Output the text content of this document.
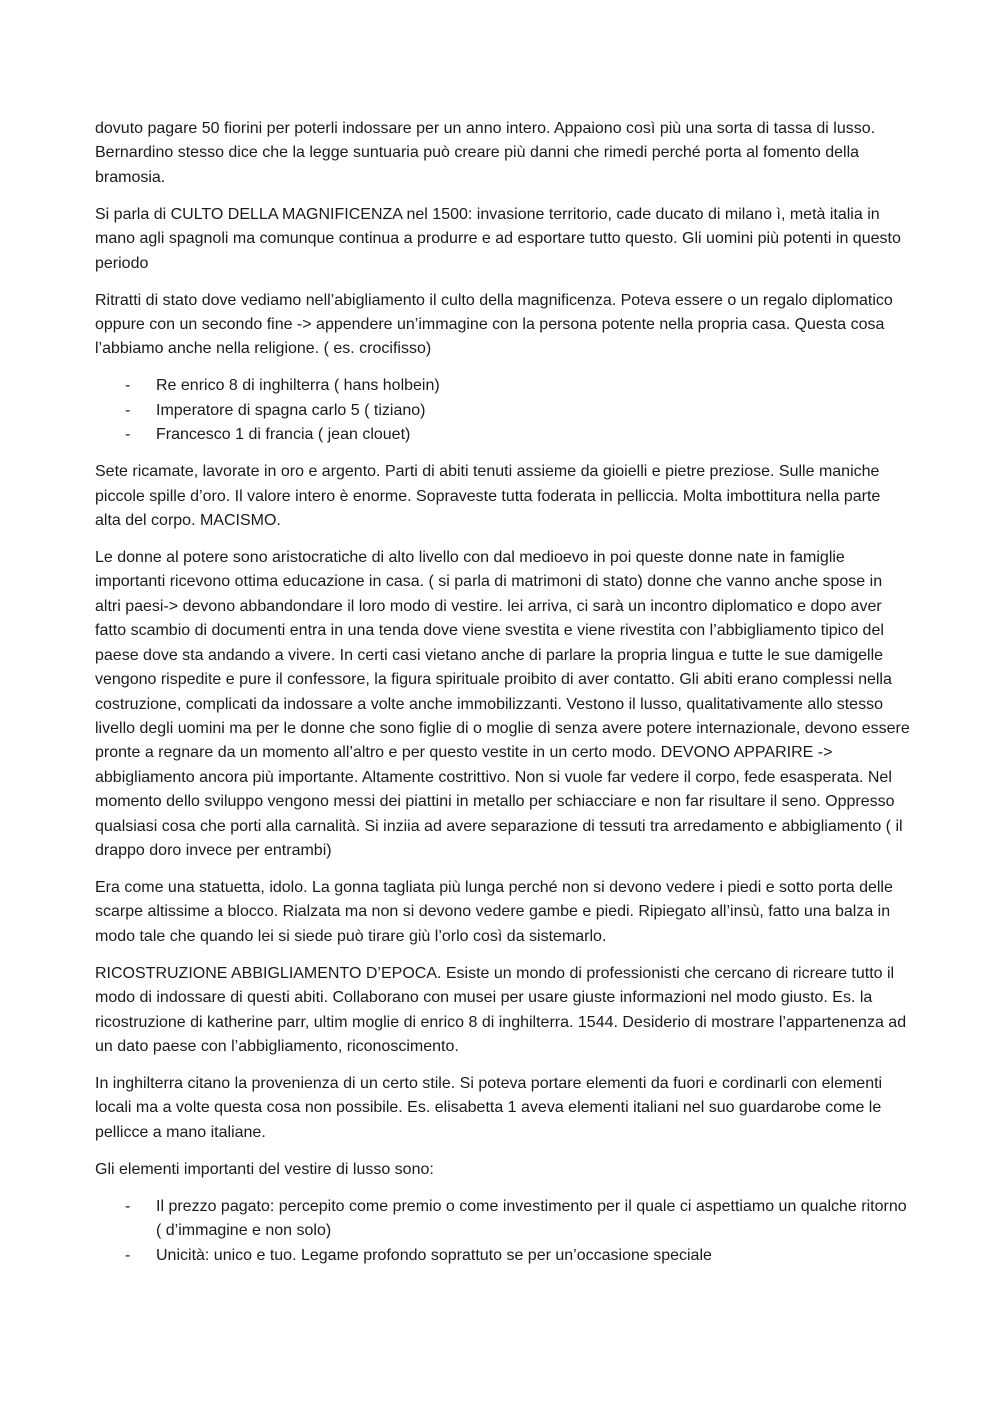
dovuto pagare 50 fiorini per poterli indossare per un anno intero. Appaiono così più una sorta di tassa di lusso. Bernardino stesso dice che la legge suntuaria può creare più danni che rimedi perché porta al fomento della bramosia.

Si parla di CULTO DELLA MAGNIFICENZA nel 1500: invasione territorio, cade ducato di milano ì, metà italia in mano agli spagnoli ma comunque continua a produrre e ad esportare tutto questo. Gli uomini più potenti in questo periodo

Ritratti di stato dove vediamo nell’abigliamento il culto della magnificenza. Poteva essere o un regalo diplomatico oppure con un secondo fine -> appendere un’immagine con la persona potente nella propria casa. Questa cosa l’abbiamo anche nella religione. ( es. crocifisso)

- Re enrico 8 di inghilterra ( hans holbein)
- Imperatore di spagna carlo 5 ( tiziano)
- Francesco 1 di francia ( jean clouet)

Sete ricamate, lavorate in oro e argento. Parti di abiti tenuti assieme da gioielli e pietre preziose. Sulle maniche piccole spille d’oro. Il valore intero è enorme. Sopraveste tutta foderata in pelliccia. Molta imbottitura nella parte alta del corpo. MACISMO.

Le donne al potere sono aristocratiche di alto livello con dal medioevo in poi queste donne nate in famiglie importanti ricevono ottima educazione in casa. ( si parla di matrimoni di stato) donne che vanno anche spose in altri paesi-> devono abbandondare il loro modo di vestire. lei arriva, ci sarà un incontro diplomatico e dopo aver fatto scambio di documenti entra in una tenda dove viene svestita e viene rivestita con l’abbigliamento tipico del paese dove sta andando a vivere. In certi casi vietano anche di parlare la propria lingua e tutte le sue damigelle vengono rispedite e pure il confessore, la figura spirituale proibito di aver contatto. Gli abiti erano complessi nella costruzione, complicati da indossare a volte anche immobilizzanti. Vestono il lusso, qualitativamente allo stesso livello degli uomini ma per le donne che sono figlie di o moglie di senza avere potere internazionale, devono essere pronte a regnare da un momento all’altro e per questo vestite in un certo modo. DEVONO APPARIRE -> abbigliamento ancora più importante. Altamente costrittivo. Non si vuole far vedere il corpo, fede esasperata. Nel momento dello sviluppo vengono messi dei piattini in metallo per schiacciare e non far risultare il seno. Oppresso qualsiasi cosa che porti alla carnalità. Si inziia ad avere separazione di tessuti tra arredamento e abbigliamento ( il drappo doro invece per entrambi)

Era come una statuetta, idolo. La gonna tagliata più lunga perché non si devono vedere i piedi e sotto porta delle scarpe altissime a blocco. Rialzata ma non si devono vedere gambe e piedi. Ripiegato all’insù, fatto una balza in modo tale che quando lei si siede può tirare giù l’orlo così da sistemarlo.

RICOSTRUZIONE ABBIGLIAMENTO D’EPOCA. Esiste un mondo di professionisti che cercano di ricreare tutto il modo di indossare di questi abiti. Collaborano con musei per usare giuste informazioni nel modo giusto. Es. la ricostruzione di katherine parr, ultim moglie di enrico 8 di inghilterra. 1544. Desiderio di mostrare l’appartenenza ad un dato paese con l’abbigliamento, riconoscimento.

In inghilterra citano la provenienza di un certo stile. Si poteva portare elementi da fuori e cordinarli con elementi locali ma a volte questa cosa non possibile. Es. elisabetta 1 aveva elementi italiani nel suo guardarobe come le pellicce a mano italiane.

Gli elementi importanti del vestire di lusso sono:

- Il prezzo pagato: percepito come premio o come investimento per il quale ci aspettiamo un qualche ritorno ( d’immagine e non solo)
- Unicità: unico e tuo. Legame profondo soprattuto se per un’occasione speciale
